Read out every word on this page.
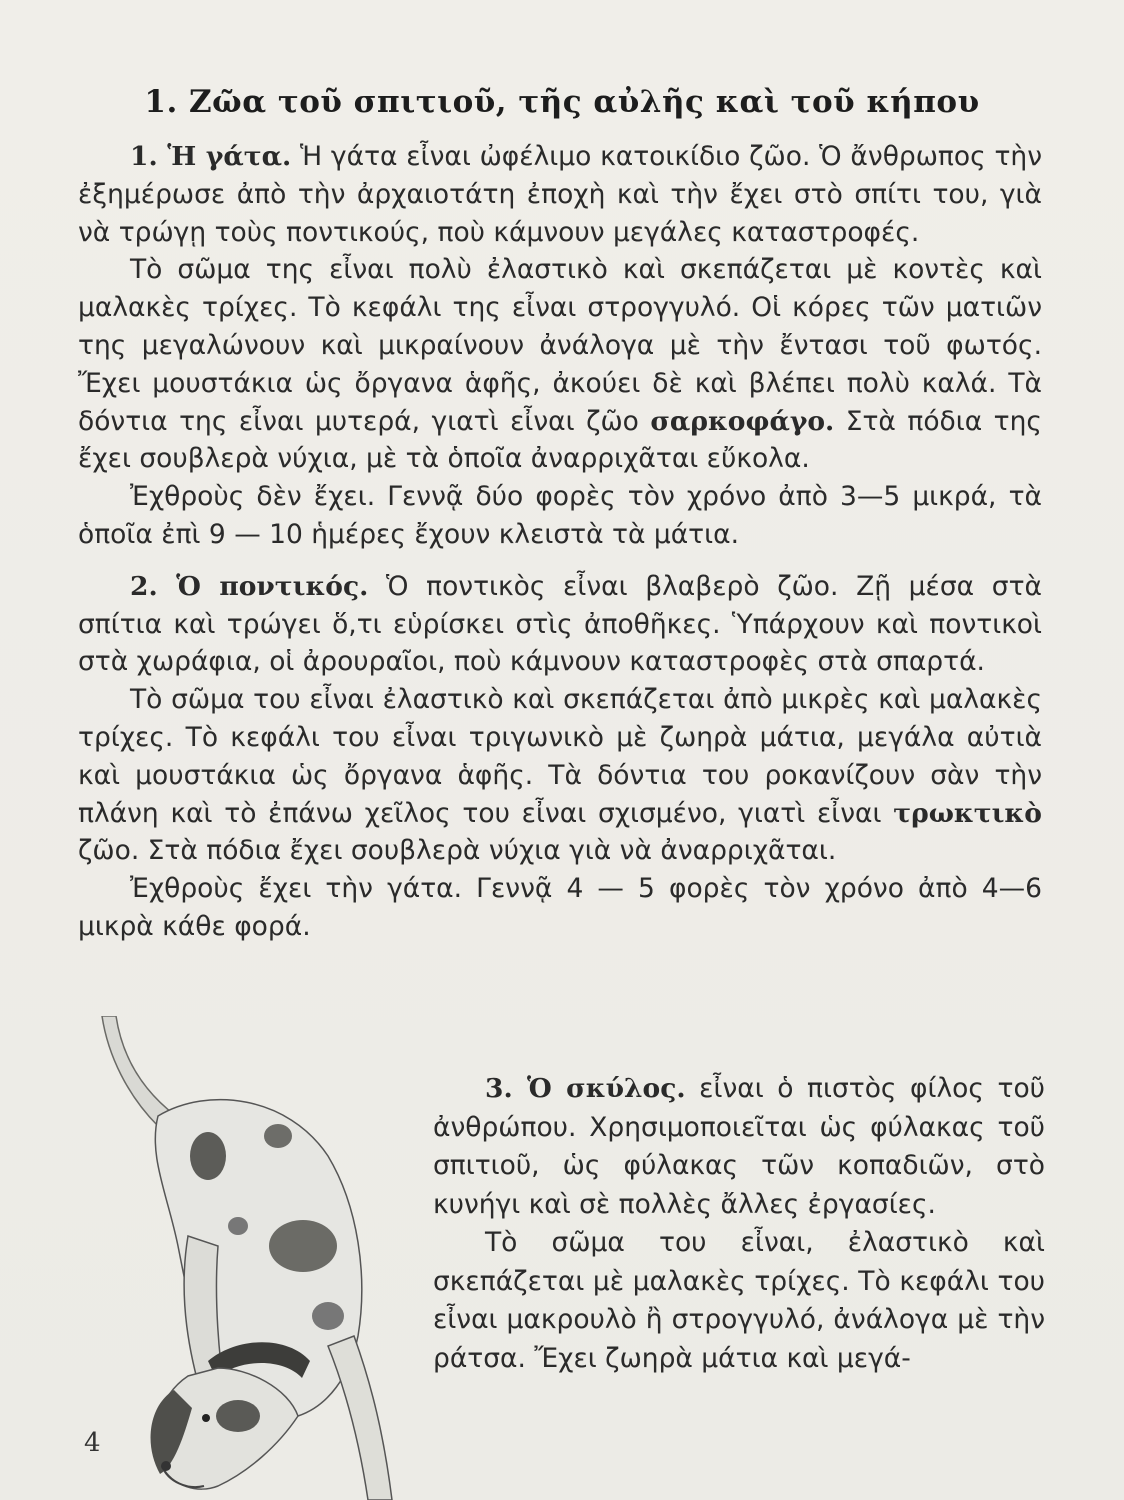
1. Ζῶα τοῦ σπιτιοῦ, τῆς αὐλῆς καὶ τοῦ κήπου

1. Ἡ γάτα. Ἡ γάτα εἶναι ὠφέλιμο κατοικίδιο ζῶο. Ὁ ἄνθρωπος τὴν ἐξημέρωσε ἀπὸ τὴν ἀρχαιοτάτη ἐποχὴ καὶ τὴν ἔχει στὸ σπίτι του, γιὰ νὰ τρώγῃ τοὺς ποντικούς, ποὺ κάμνουν μεγάλες καταστροφές.

Τὸ σῶμα της εἶναι πολὺ ἐλαστικὸ καὶ σκεπάζεται μὲ κοντὲς καὶ μαλακὲς τρίχες. Τὸ κεφάλι της εἶναι στρογγυλό. Οἱ κόρες τῶν ματιῶν της μεγαλώνουν καὶ μικραίνουν ἀνάλογα μὲ τὴν ἔντασι τοῦ φωτός. Ἔχει μουστάκια ὡς ὄργανα ἁφῆς, ἀκούει δὲ καὶ βλέπει πολὺ καλά. Τὰ δόντια της εἶναι μυτερά, γιατὶ εἶναι ζῶο σαρκοφάγο. Στὰ πόδια της ἔχει σουβλερὰ νύχια, μὲ τὰ ὁποῖα ἀναρριχᾶται εὔκολα.

Ἐχθροὺς δὲν ἔχει. Γεννᾷ δύο φορὲς τὸν χρόνο ἀπὸ 3—5 μικρά, τὰ ὁποῖα ἐπὶ 9 — 10 ἡμέρες ἔχουν κλειστὰ τὰ μάτια.

2. Ὁ ποντικός. Ὁ ποντικὸς εἶναι βλαβερὸ ζῶο. Ζῇ μέσα στὰ σπίτια καὶ τρώγει ὅ,τι εὑρίσκει στὶς ἀποθῆκες. Ὑπάρχουν καὶ ποντικοὶ στὰ χωράφια, οἱ ἀρουραῖοι, ποὺ κάμνουν καταστροφὲς στὰ σπαρτά.

Τὸ σῶμα του εἶναι ἐλαστικὸ καὶ σκεπάζεται ἀπὸ μικρὲς καὶ μαλακὲς τρίχες. Τὸ κεφάλι του εἶναι τριγωνικὸ μὲ ζωηρὰ μάτια, μεγάλα αὐτιὰ καὶ μουστάκια ὡς ὄργανα ἁφῆς. Τὰ δόντια του ροκανίζουν σὰν τὴν πλάνη καὶ τὸ ἐπάνω χεῖλος του εἶναι σχισμένο, γιατὶ εἶναι τρωκτικὸ ζῶο. Στὰ πόδια ἔχει σουβλερὰ νύχια γιὰ νὰ ἀναρριχᾶται.

Ἐχθροὺς ἔχει τὴν γάτα. Γεννᾷ 4 — 5 φορὲς τὸν χρόνο ἀπὸ 4—6 μικρὰ κάθε φορά.

3. Ὁ σκύλος. εἶναι ὁ πιστὸς φίλος τοῦ ἀνθρώπου. Χρησιμοποιεῖται ὡς φύλακας τοῦ σπιτιοῦ, ὡς φύλακας τῶν κοπαδιῶν, στὸ κυνήγι καὶ σὲ πολλὲς ἄλλες ἐργασίες.

Τὸ σῶμα του εἶναι, ἐλαστικὸ καὶ σκεπάζεται μὲ μαλακὲς τρίχες. Τὸ κεφάλι του εἶναι μακρουλὸ ἢ στρογγυλό, ἀνάλογα μὲ τὴν ράτσα. Ἔχει ζωηρὰ μάτια καὶ μεγά-

4
